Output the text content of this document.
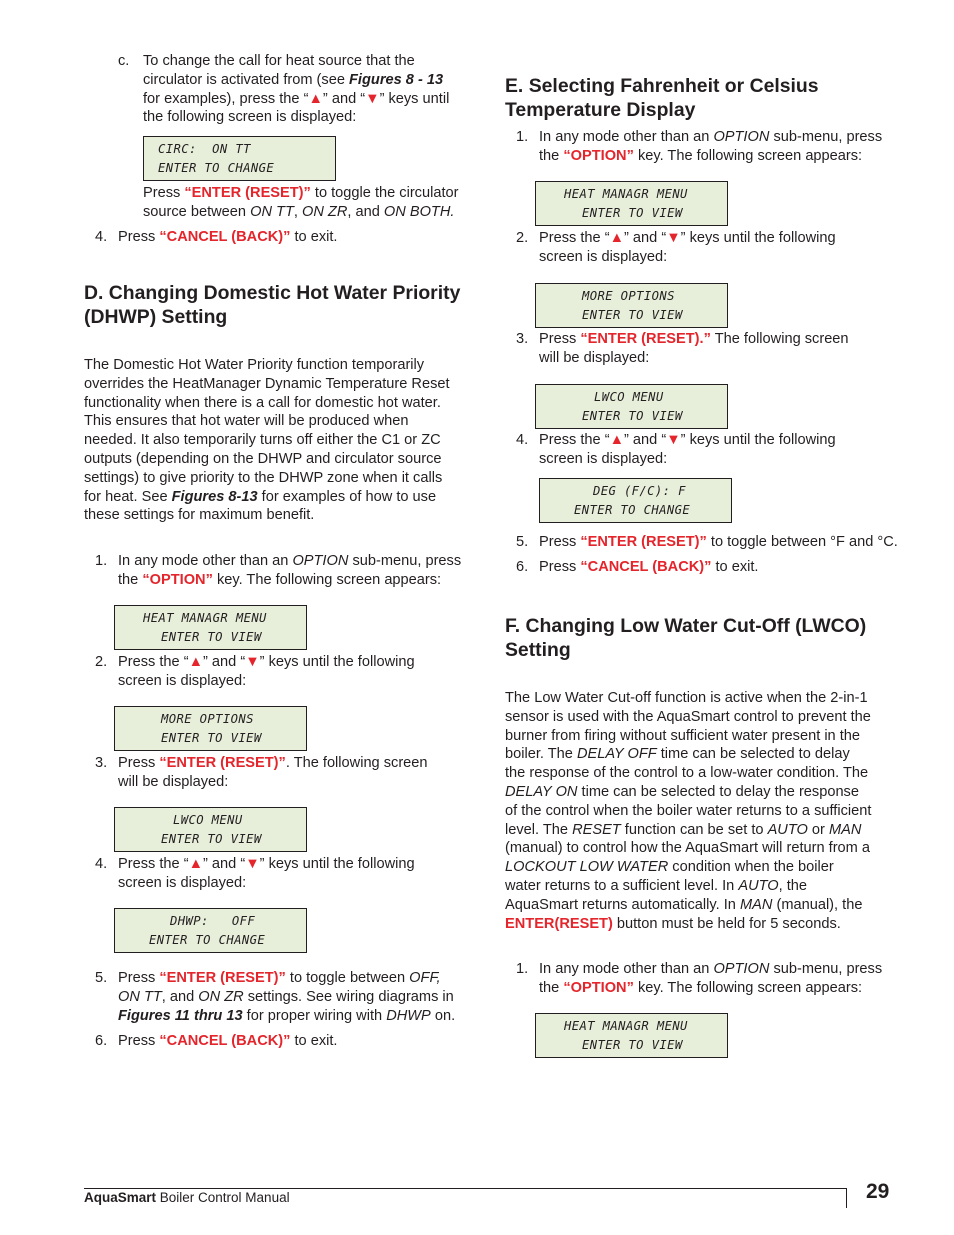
c. To change the call for heat source that the
circulator is activated from (see Figures 8 - 13
for examples), press the “▲” and “▼” keys until
the following screen is displayed:
CIRC:  ON TT
ENTER TO CHANGE
Press “ENTER (RESET)” to toggle the circulator
source between ON TT, ON ZR, and ON BOTH.
4. Press “CANCEL (BACK)” to exit.
D. Changing Domestic Hot Water Priority (DHWP) Setting
The Domestic Hot Water Priority function temporarily
overrides the HeatManager Dynamic Temperature Reset
functionality when there is a call for domestic hot water.
This ensures that hot water will be produced when
needed. It also temporarily turns off either the C1 or ZC
outputs (depending on the DHWP and circulator source
settings) to give priority to the DHWP zone when it calls
for heat. See Figures 8-13 for examples of how to use
these settings for maximum benefit.
1. In any mode other than an OPTION sub-menu, press
the “OPTION” key. The following screen appears:
HEAT MANAGR MENU
ENTER TO VIEW
2. Press the “▲” and “▼” keys until the following
screen is displayed:
MORE OPTIONS
ENTER TO VIEW
3. Press “ENTER (RESET)”. The following screen
will be displayed:
LWCO MENU
ENTER TO VIEW
4. Press the “▲” and “▼” keys until the following
screen is displayed:
DHWP:   OFF
ENTER TO CHANGE
5. Press “ENTER (RESET)” to toggle between OFF,
ON TT, and ON ZR settings. See wiring diagrams in
Figures 11 thru 13 for proper wiring with DHWP on.
6. Press “CANCEL (BACK)” to exit.
E. Selecting Fahrenheit or Celsius Temperature Display
1. In any mode other than an OPTION sub-menu, press
the “OPTION” key. The following screen appears:
HEAT MANAGR MENU
ENTER TO VIEW
2. Press the “▲” and “▼” keys until the following
screen is displayed:
MORE OPTIONS
ENTER TO VIEW
3. Press “ENTER (RESET).” The following screen
will be displayed:
LWCO MENU
ENTER TO VIEW
4. Press the “▲” and “▼” keys until the following
screen is displayed:
DEG (F/C): F
ENTER TO CHANGE
5. Press “ENTER (RESET)” to toggle between °F and °C.
6. Press “CANCEL (BACK)” to exit.
F. Changing Low Water Cut-Off (LWCO) Setting
The Low Water Cut-off function is active when the 2-in-1
sensor is used with the AquaSmart control to prevent the
burner from firing without sufficient water present in the
boiler. The DELAY OFF time can be selected to delay
the response of the control to a low-water condition. The
DELAY ON time can be selected to delay the response
of the control when the boiler water returns to a sufficient
level. The RESET function can be set to AUTO or MAN
(manual) to control how the AquaSmart will return from a
LOCKOUT LOW WATER condition when the boiler
water returns to a sufficient level. In AUTO, the
AquaSmart returns automatically. In MAN (manual), the
ENTER(RESET) button must be held for 5 seconds.
1. In any mode other than an OPTION sub-menu, press
the “OPTION” key. The following screen appears:
HEAT MANAGR MENU
ENTER TO VIEW
AquaSmart Boiler Control Manual	29
